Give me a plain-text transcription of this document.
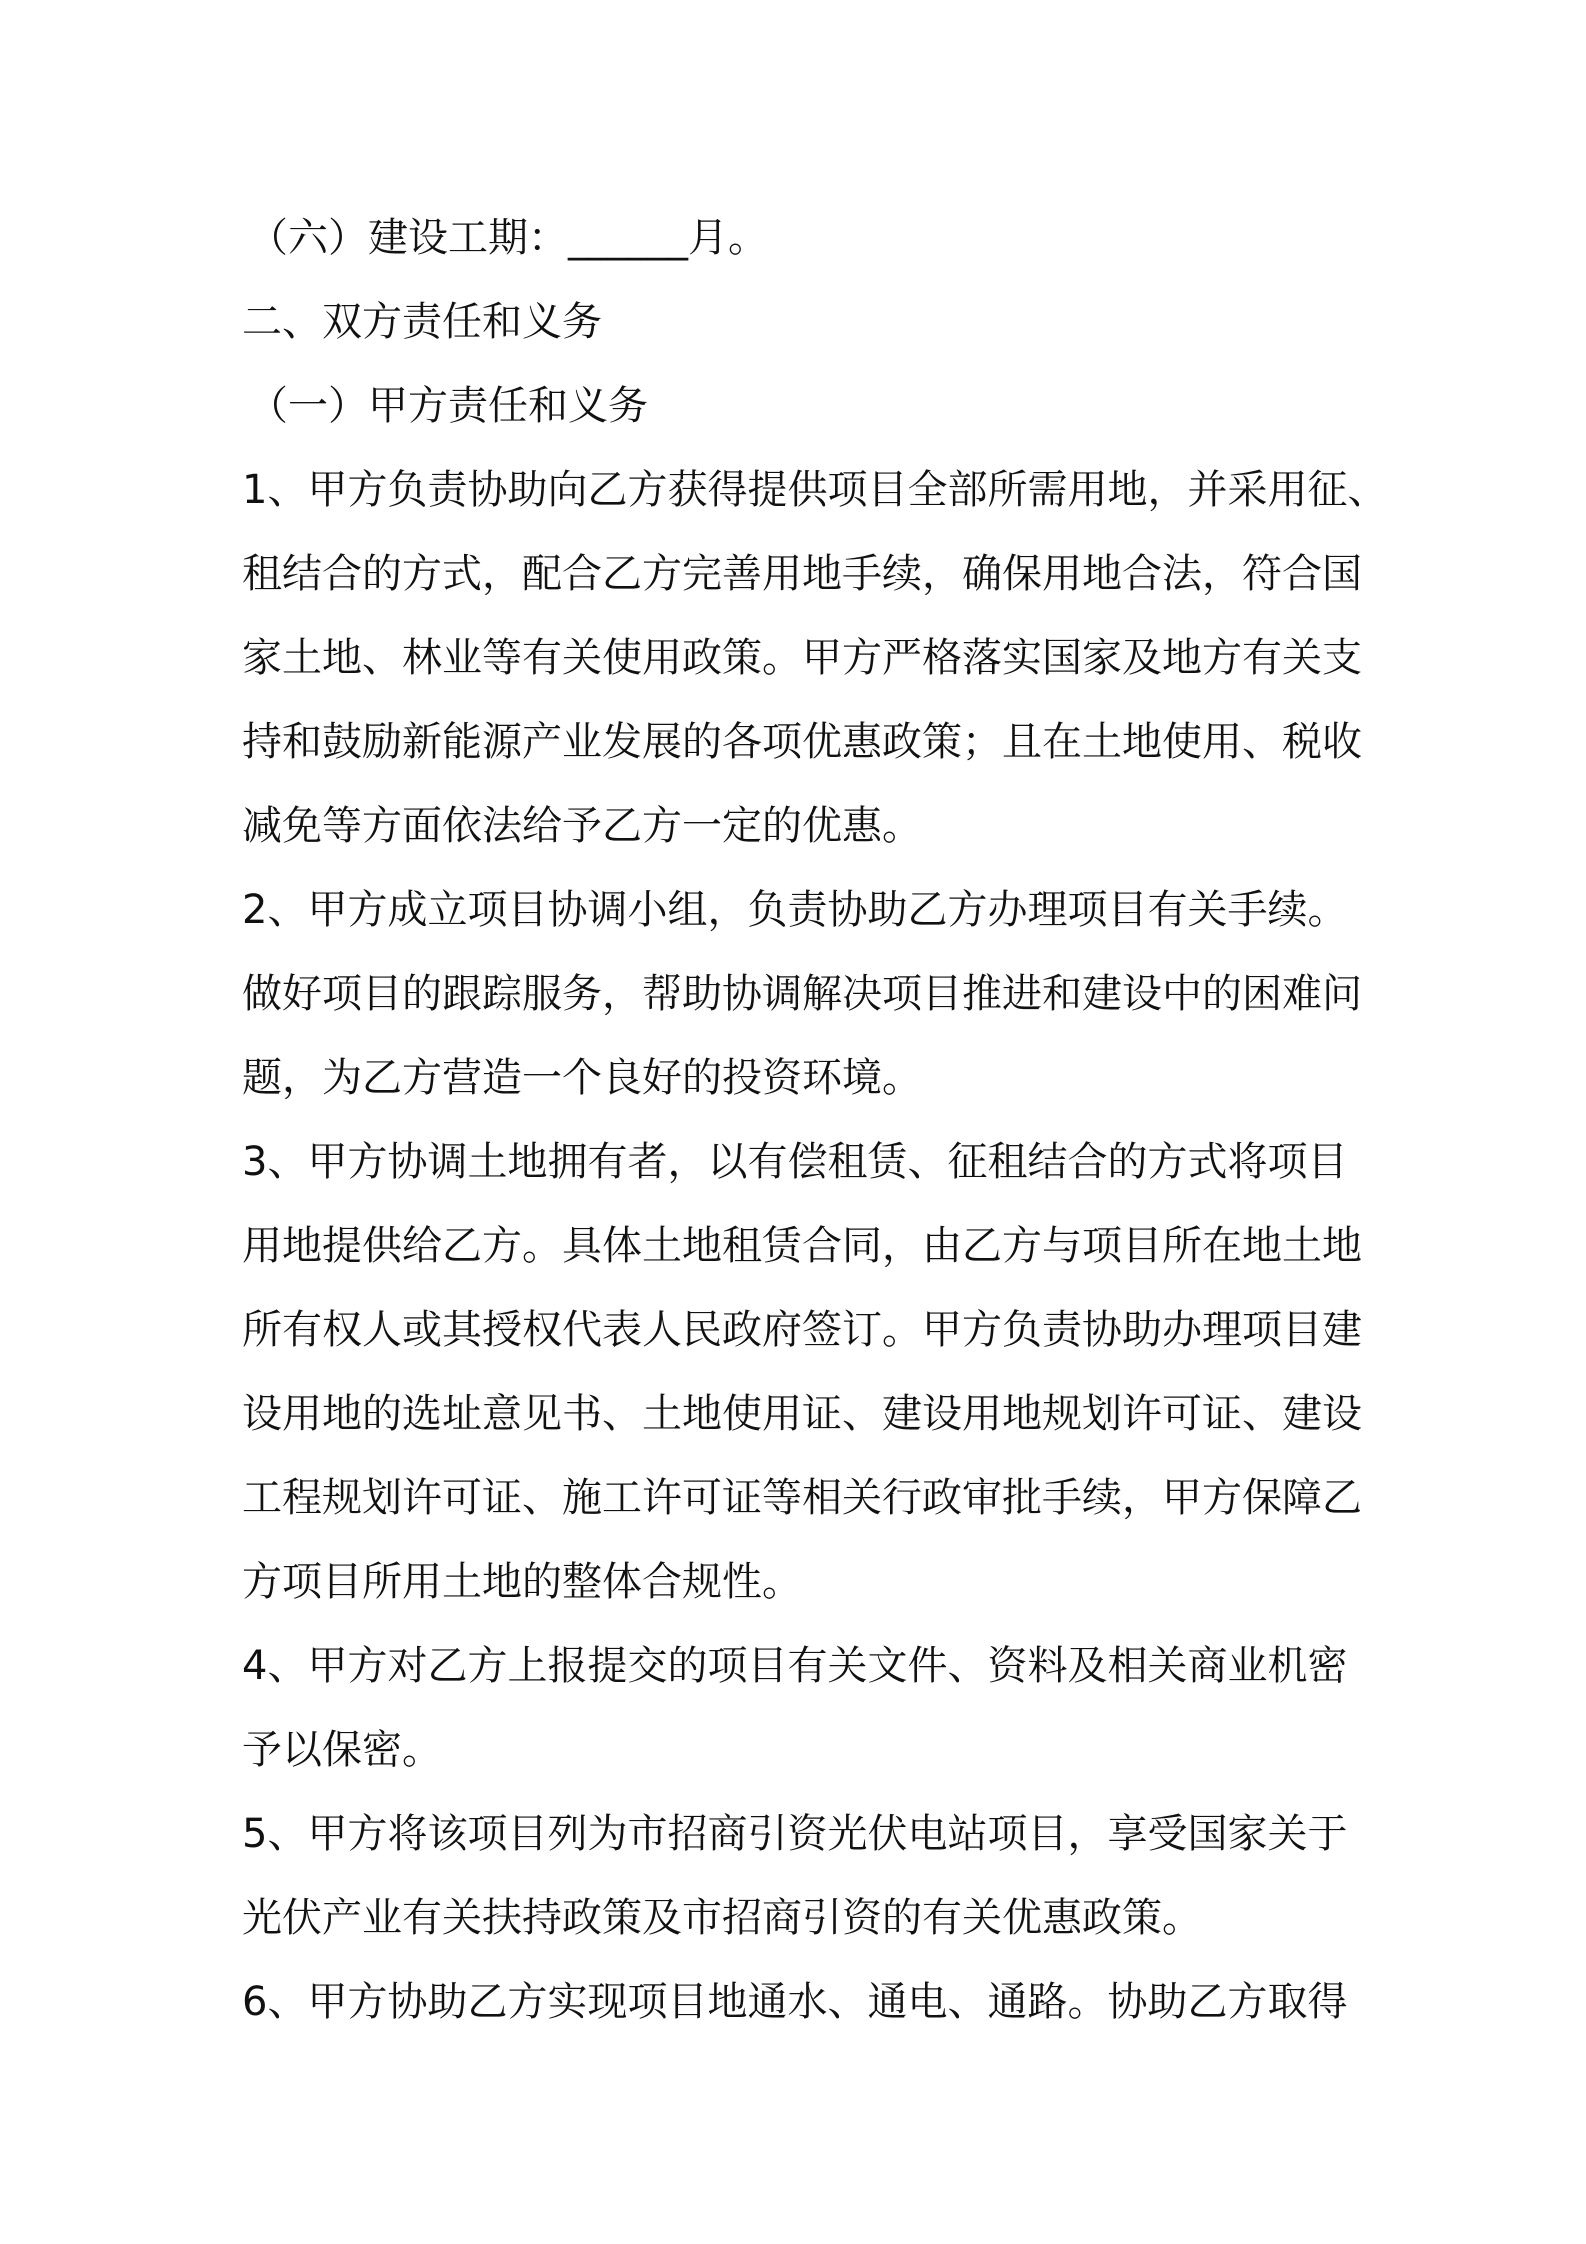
（六）建设工期：______月。
二、双方责任和义务
（一）甲方责任和义务
1、甲方负责协助向乙方获得提供项目全部所需用地，并采用征、
租结合的方式，配合乙方完善用地手续，确保用地合法，符合国
家土地、林业等有关使用政策。甲方严格落实国家及地方有关支
持和鼓励新能源产业发展的各项优惠政策；且在土地使用、税收
减免等方面依法给予乙方一定的优惠。
2、甲方成立项目协调小组，负责协助乙方办理项目有关手续。
做好项目的跟踪服务，帮助协调解决项目推进和建设中的困难问
题，为乙方营造一个良好的投资环境。
3、甲方协调土地拥有者，以有偿租赁、征租结合的方式将项目
用地提供给乙方。具体土地租赁合同，由乙方与项目所在地土地
所有权人或其授权代表人民政府签订。甲方负责协助办理项目建
设用地的选址意见书、土地使用证、建设用地规划许可证、建设
工程规划许可证、施工许可证等相关行政审批手续，甲方保障乙
方项目所用土地的整体合规性。
4、甲方对乙方上报提交的项目有关文件、资料及相关商业机密
予以保密。
5、甲方将该项目列为市招商引资光伏电站项目，享受国家关于
光伏产业有关扶持政策及市招商引资的有关优惠政策。
6、甲方协助乙方实现项目地通水、通电、通路。协助乙方取得
